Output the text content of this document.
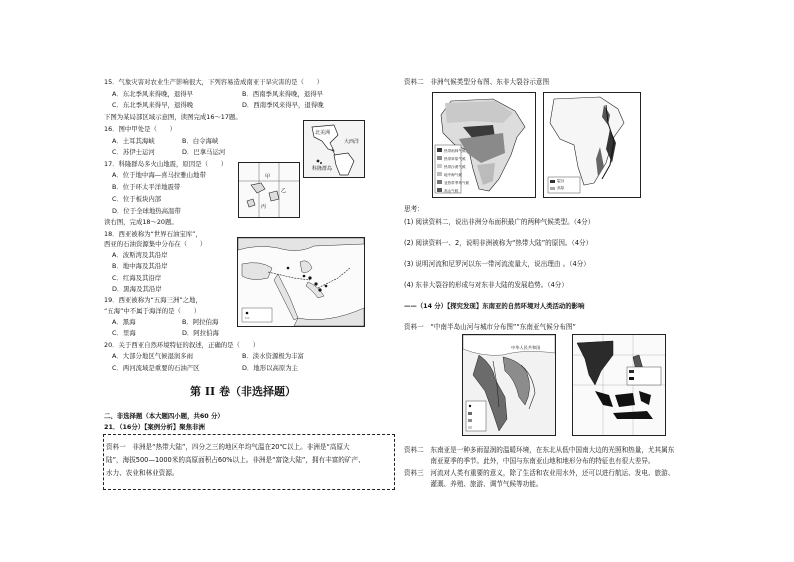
15．气象灾害对农业生产影响很大，下列容易造成南亚干旱灾害的是（　　）
A．东北季风来得晚，退得早	B．西南季风来得晚，退得早
C．东北季风来得早，退得晚	D．西南季风来得早，退得晚
下图为某局部区域示意图，读图完成16～17题。
16．图中甲处是（　　）
A．土耳其海峡	B．白令海峡
C．苏伊士运河	D．巴拿马运河
北美洲
大西洋
科隆群岛
17．科隆群岛多火山地震，原因是（　　）
A．位于地中海—喜马拉雅山地带
B．位于环太平洋地震带
C．位于板块内部
D．位于全球地热高温带
甲
乙
丙
读右图，完成18～20题。
18．西亚被称为“世界石油宝库”，
西亚的石油资源集中分布在（　　）
A．波斯湾及其沿岸
B．地中海及其沿岸
C．红海及其沿岸
D．黑海及其沿岸
19．西亚被称为“五海三洲”之地，
“五海”中不属于海洋的是（　　）
A．黑海	B．阿拉伯海
C．里海	D．阿拉伯海
20．关于西亚自然环境特征的叙述，正确的是（　　）
A．大部分地区气候湿润多雨	B．淡水资源极为丰富
C．两河流域是重要的石油产区	D．地形以高原为主
第 II 卷（非选择题）
二、非选择题（本大题四小题，共60 分）
21．（16分）【案例分析】聚焦非洲
资料一　非洲是“热带大陆”，四分之三的地区年均气温在20℃以上。非洲是“高原大
陆”，海拔500—1000米的高原面积占60%以上。非洲是“富饶大陆”，拥有丰富的矿产、
水力、农业和林业资源。
资料二　非洲气候类型分布图、东非大裂谷示意图
热带雨林气候
热带草原气候
热带沙漠气候
地中海气候
亚热带季风气候
高山气候
裂谷
高原
思考：
(1) 阅读资料二，说出非洲分布面积最广的两种气候类型。（4分）
(2) 阅读资料一、2，说明非洲被称为“热带大陆”的原因。（4分）
(3) 说明河流和尼罗河以东一带河流流量大，说出理由 。（4分）
(4) 东非大裂谷的形成与对东非大陆的发展趋势。（4分）
——（14 分）【探究发现】东南亚的自然环境对人类活动的影响
资料一　“中南半岛山河与城市分布图”“东南亚气候分布图”
中华人民共和国
资料二　东南亚是一种多雨湿润的温暖环境，在东北从低中国南大边的光照和热量，尤其属东
　　　　南亚夏季的季节。此外，中国与东南亚山地和地形分布的特征也有很大差异。
资料三　河流对人类有重要的意义，除了生活和农业用水外，还可以进行航运、发电、旅游、
　　　　灌溉、养殖、旅游、调节气候等功能。
